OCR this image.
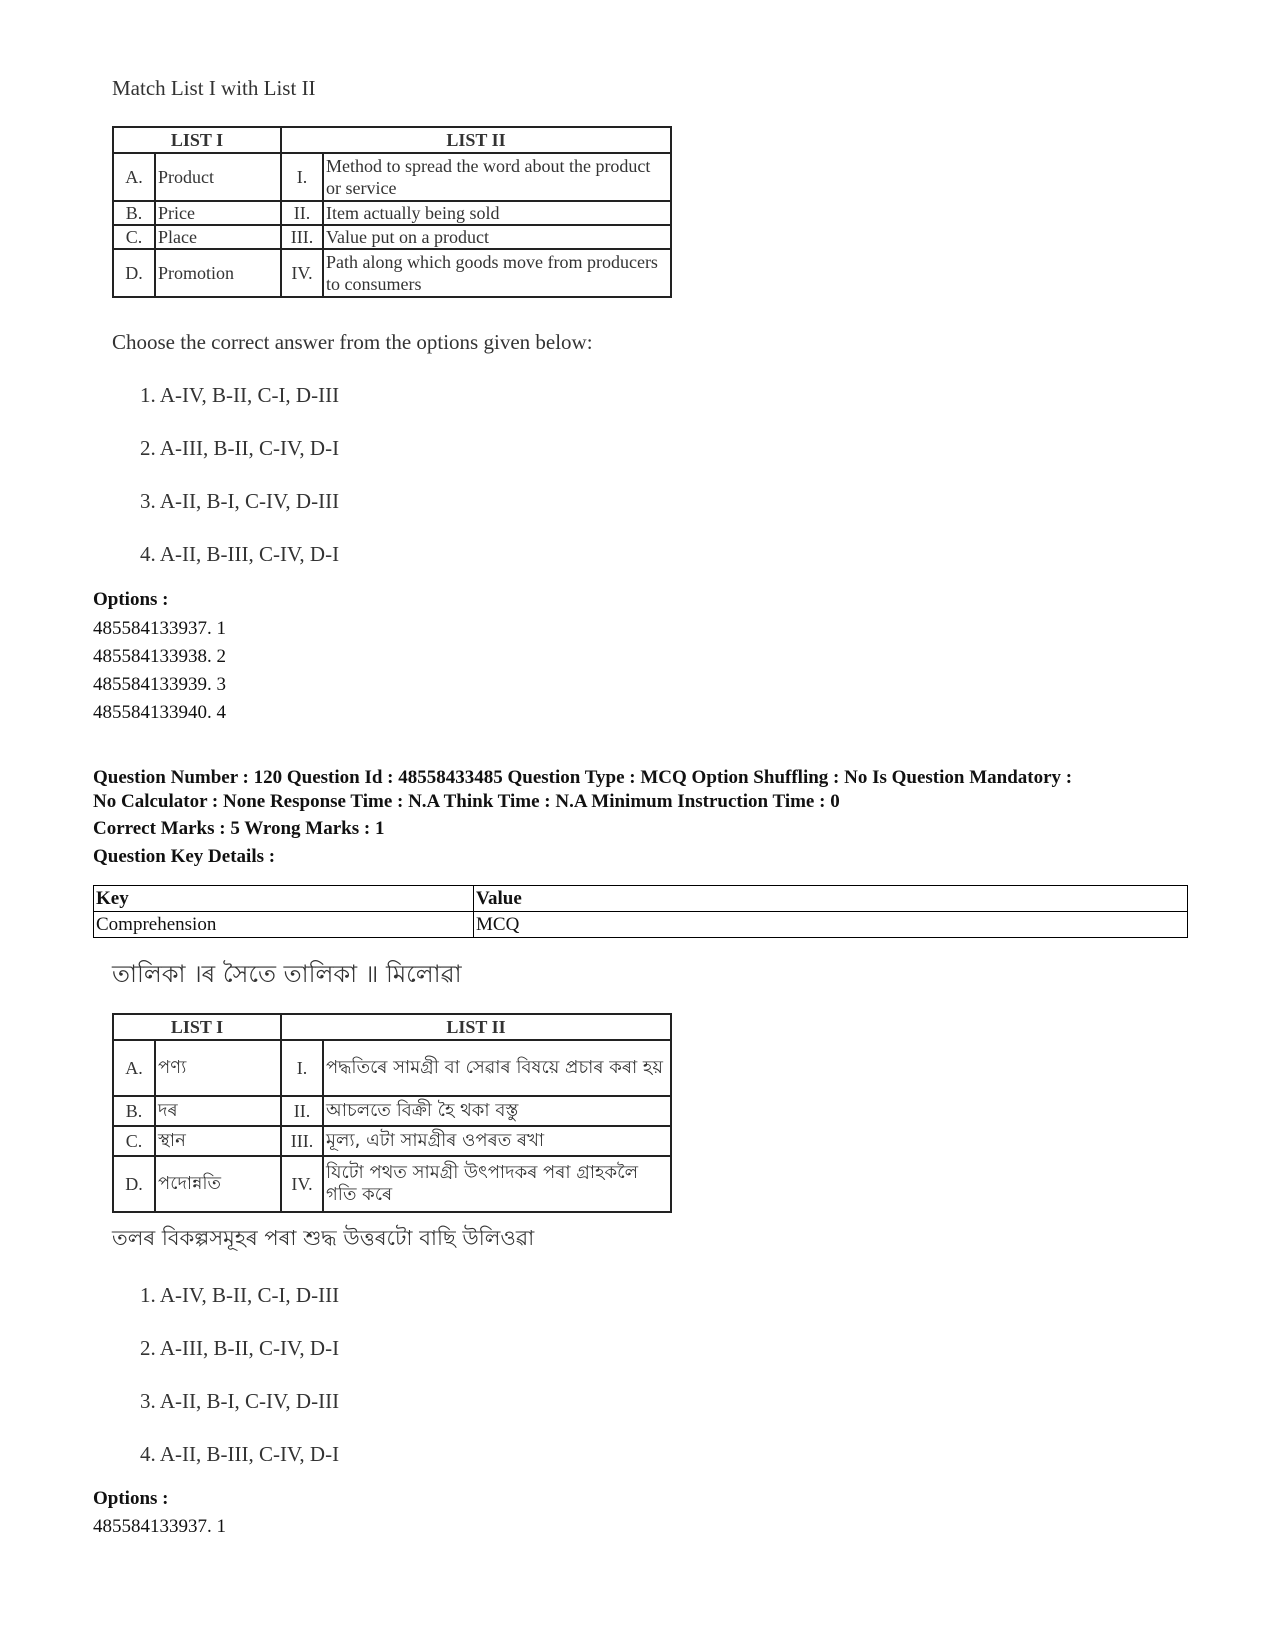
Match List I with List II
LIST I		LIST II	
A.	Product	I.	Method to spread the word about the product or service
B.	Price	II.	Item actually being sold
C.	Place	III.	Value put on a product
D.	Promotion	IV.	Path along which goods move from producers to consumers
Choose the correct answer from the options given below:
1. A-IV, B-II, C-I, D-III
2. A-III, B-II, C-IV, D-I
3. A-II, B-I, C-IV, D-III
4. A-II, B-III, C-IV, D-I
Options :
485584133937. 1
485584133938. 2
485584133939. 3
485584133940. 4
Question Number : 120 Question Id : 48558433485 Question Type : MCQ Option Shuffling : No Is Question Mandatory :
No Calculator : None Response Time : N.A Think Time : N.A Minimum Instruction Time : 0
Correct Marks : 5 Wrong Marks : 1
Question Key Details :
Key	Value
Comprehension	MCQ
তালিকা ।ৰ সৈতে তালিকা ॥ মিলোৱা
LIST I		LIST II	
A.	পণ্য	I.	পদ্ধতিৰে সামগ্ৰী বা সেৱাৰ বিষয়ে প্ৰচাৰ কৰা হয়
B.	দৰ	II.	আচলতে বিক্ৰী হৈ থকা বস্তু
C.	স্থান	III.	মূল্য, এটা সামগ্ৰীৰ ওপৰত ৰখা
D.	পদোন্নতি	IV.	যিটো পথত সামগ্ৰী উৎপাদকৰ পৰা গ্ৰাহকলৈ গতি কৰে
তলৰ বিকল্পসমূহৰ পৰা শুদ্ধ উত্তৰটো বাছি উলিওৱা
1. A-IV, B-II, C-I, D-III
2. A-III, B-II, C-IV, D-I
3. A-II, B-I, C-IV, D-III
4. A-II, B-III, C-IV, D-I
Options :
485584133937. 1
